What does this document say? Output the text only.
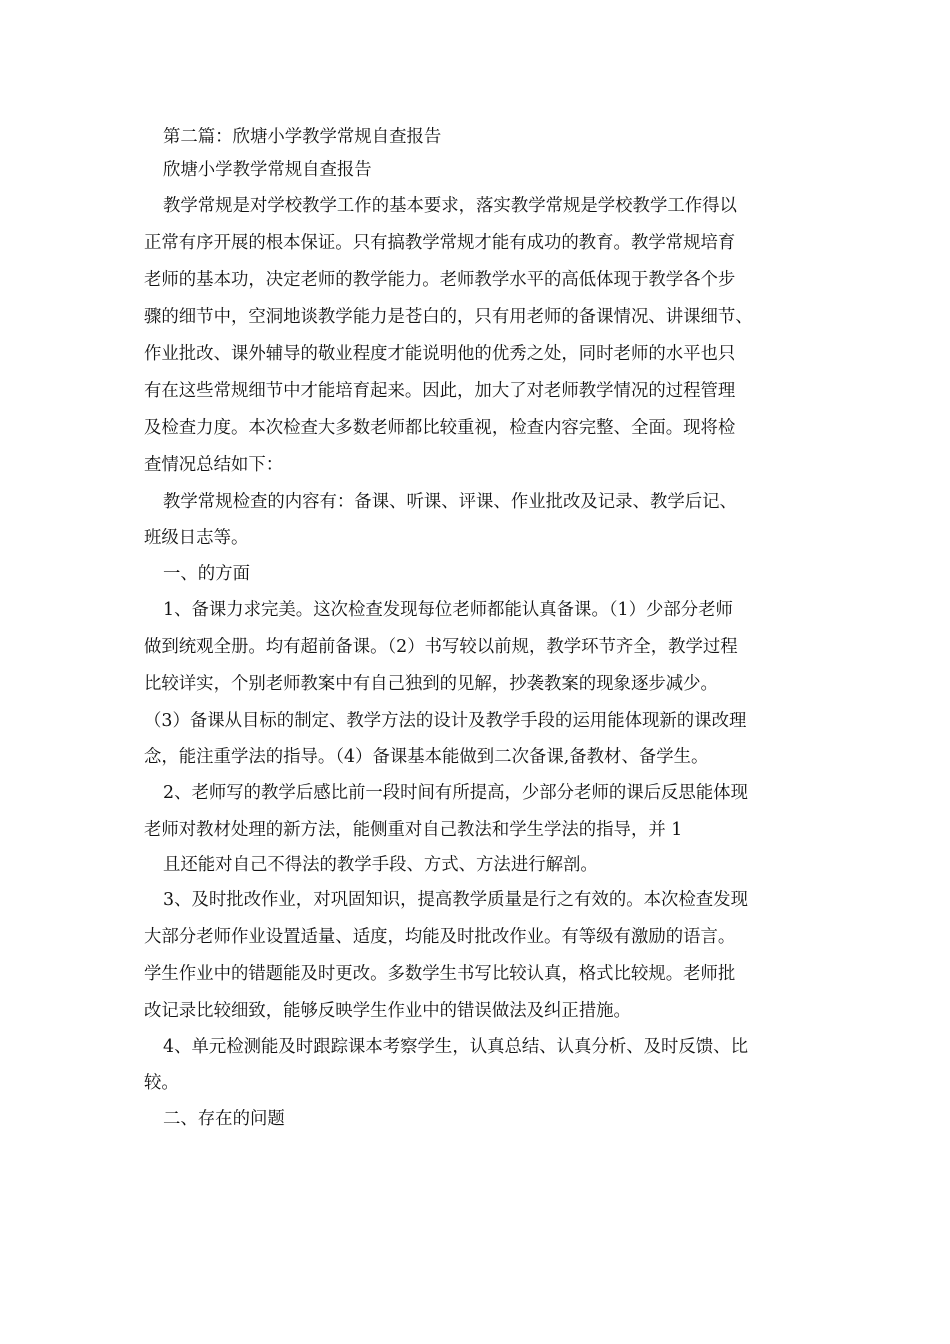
第二篇：欣塘小学教学常规自查报告
欣塘小学教学常规自查报告
教学常规是对学校教学工作的基本要求，落实教学常规是学校教学工作得以
正常有序开展的根本保证。只有搞教学常规才能有成功的教育。教学常规培育
老师的基本功，决定老师的教学能力。老师教学水平的高低体现于教学各个步
骤的细节中，空洞地谈教学能力是苍白的，只有用老师的备课情况、讲课细节、
作业批改、课外辅导的敬业程度才能说明他的优秀之处，同时老师的水平也只
有在这些常规细节中才能培育起来。因此，加大了对老师教学情况的过程管理
及检查力度。本次检查大多数老师都比较重视，检查内容完整、全面。现将检
查情况总结如下：
教学常规检查的内容有：备课、听课、评课、作业批改及记录、教学后记、
班级日志等。
一、的方面
1、备课力求完美。这次检查发现每位老师都能认真备课。（1）少部分老师
做到统观全册。均有超前备课。（2）书写较以前规，教学环节齐全，教学过程
比较详实，个别老师教案中有自己独到的见解，抄袭教案的现象逐步减少。
（3）备课从目标的制定、教学方法的设计及教学手段的运用能体现新的课改理
念，能注重学法的指导。（4）备课基本能做到二次备课,备教材、备学生。
2、老师写的教学后感比前一段时间有所提高，少部分老师的课后反思能体现
老师对教材处理的新方法，能侧重对自己教法和学生学法的指导，并 1
且还能对自己不得法的教学手段、方式、方法进行解剖。
3、及时批改作业，对巩固知识，提高教学质量是行之有效的。本次检查发现
大部分老师作业设置适量、适度，均能及时批改作业。有等级有激励的语言。
学生作业中的错题能及时更改。多数学生书写比较认真，格式比较规。老师批
改记录比较细致，能够反映学生作业中的错误做法及纠正措施。
4、单元检测能及时跟踪课本考察学生，认真总结、认真分析、及时反馈、比
较。
二、存在的问题
